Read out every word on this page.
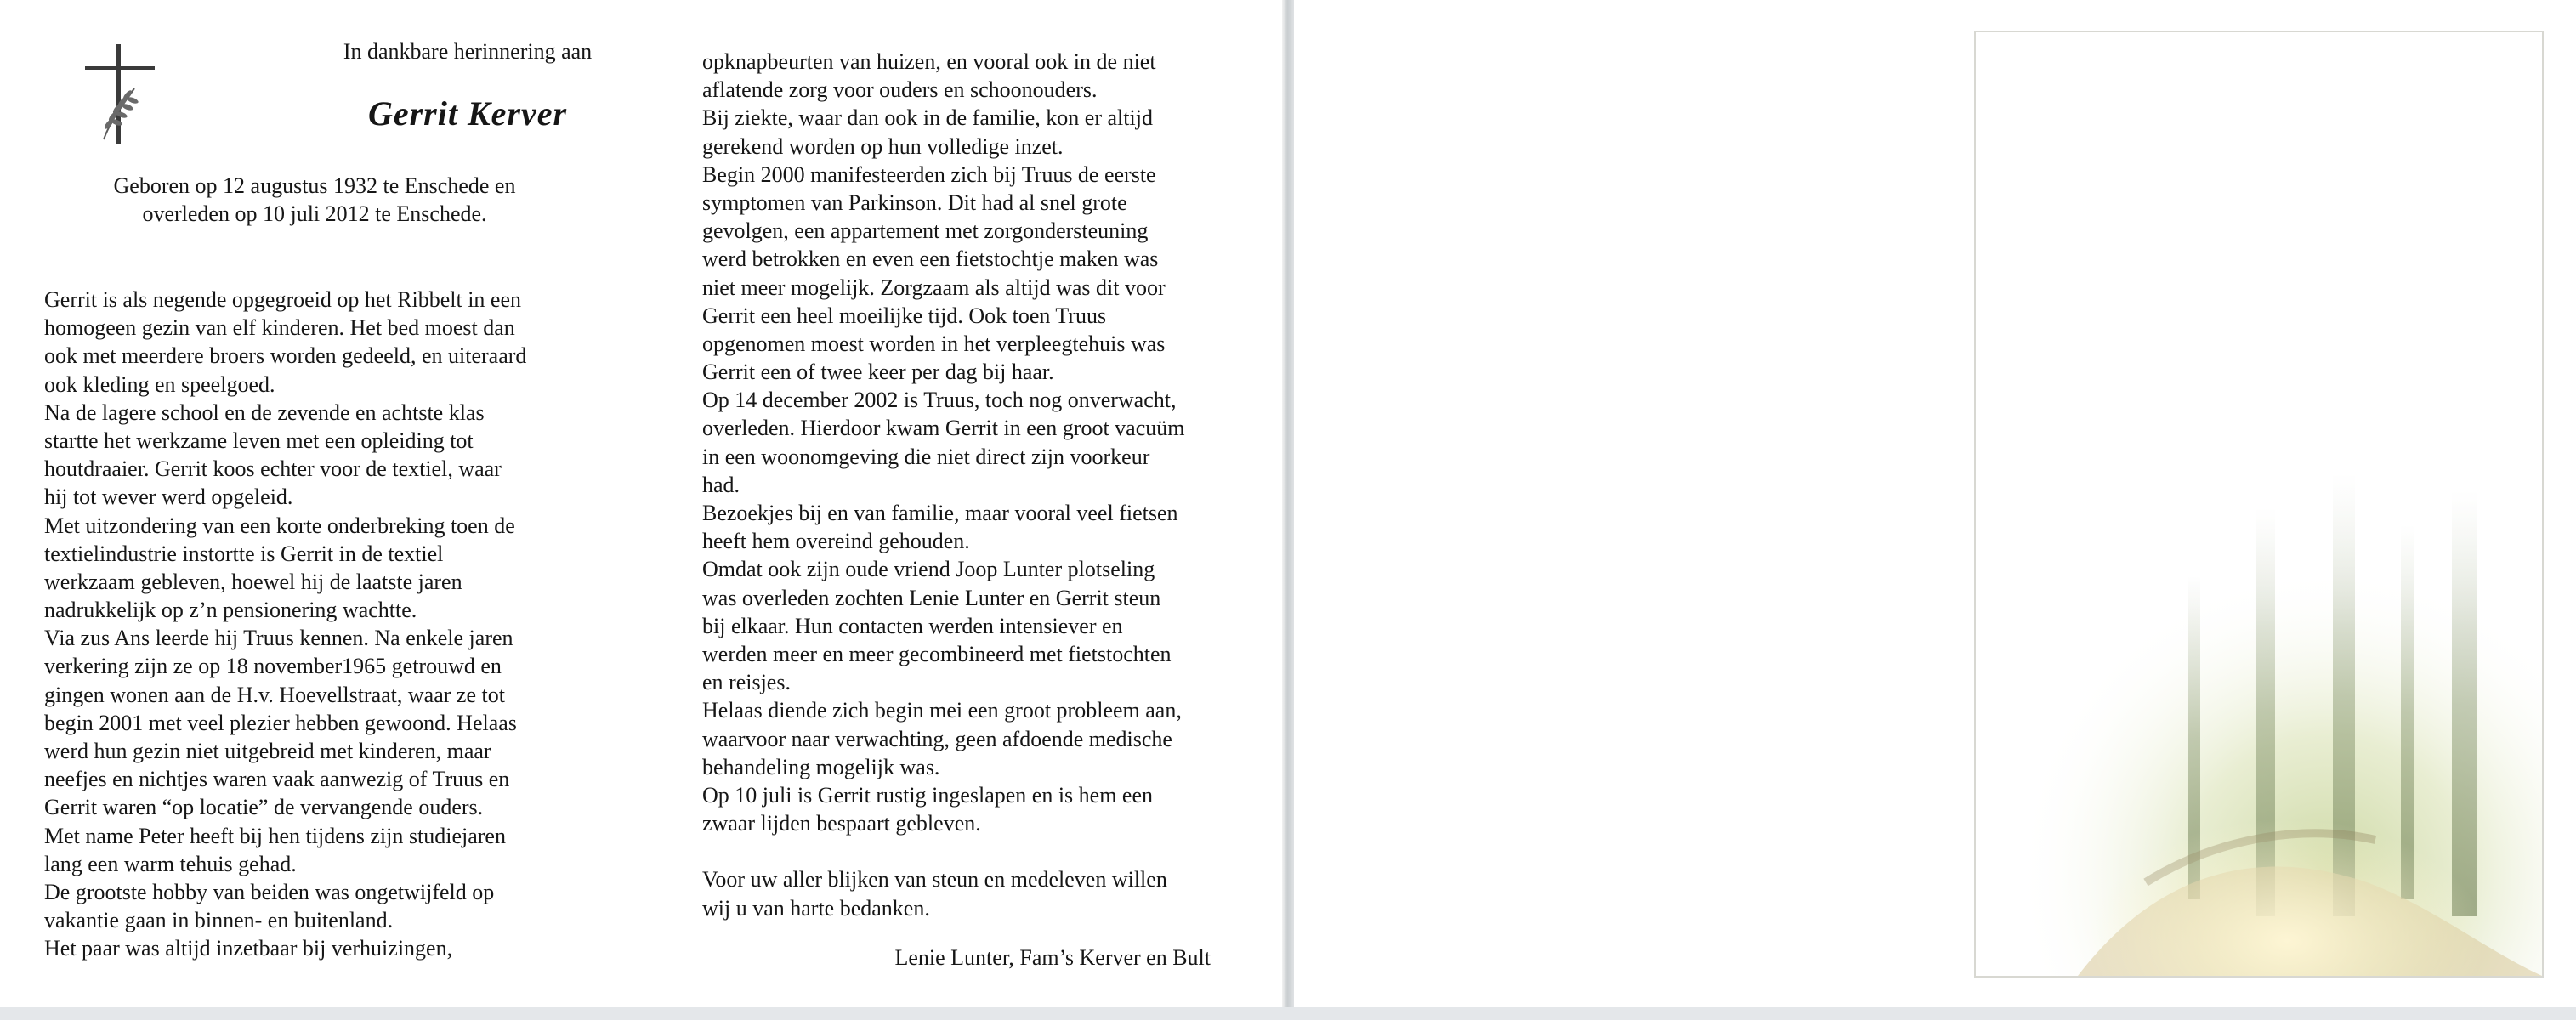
In dankbare herinnering aan
Gerrit Kerver
Geboren op 12 augustus 1932 te Enschede en
overleden op 10 juli 2012 te Enschede.
Gerrit is als negende opgegroeid op het Ribbelt in een
homogeen gezin van elf kinderen. Het bed moest dan
ook met meerdere broers worden gedeeld, en uiteraard
ook kleding en speelgoed.
Na de lagere school en de zevende en achtste klas
startte het werkzame leven met een opleiding tot
houtdraaier. Gerrit koos echter voor de textiel, waar
hij tot wever werd opgeleid.
Met uitzondering van een korte onderbreking toen de
textielindustrie instortte is Gerrit in de textiel
werkzaam gebleven, hoewel hij de laatste jaren
nadrukkelijk op z’n pensionering wachtte.
Via zus Ans leerde hij Truus kennen. Na enkele jaren
verkering zijn ze op 18 november1965 getrouwd en
gingen wonen aan de H.v. Hoevellstraat, waar ze tot
begin 2001 met veel plezier hebben gewoond. Helaas
werd hun gezin niet uitgebreid met kinderen, maar
neefjes en nichtjes waren vaak aanwezig of Truus en
Gerrit waren “op locatie” de vervangende ouders.
Met name Peter heeft bij hen tijdens zijn studiejaren
lang een warm tehuis gehad.
De grootste hobby van beiden was ongetwijfeld op
vakantie gaan in binnen- en buitenland.
Het paar was altijd inzetbaar bij verhuizingen,
opknapbeurten van huizen, en vooral ook in de niet
aflatende zorg voor ouders en schoonouders.
Bij ziekte, waar dan ook in de familie, kon er altijd
gerekend worden op hun volledige inzet.
Begin 2000 manifesteerden zich bij Truus de eerste
symptomen van Parkinson. Dit had al snel grote
gevolgen, een appartement met zorgondersteuning
werd betrokken en even een fietstochtje maken was
niet meer mogelijk. Zorgzaam als altijd was dit voor
Gerrit een heel moeilijke tijd. Ook toen Truus
opgenomen moest worden in het verpleegtehuis was
Gerrit een of twee keer per dag bij haar.
Op 14 december 2002 is Truus, toch nog onverwacht,
overleden. Hierdoor kwam Gerrit in een groot vacuüm
in een woonomgeving die niet direct zijn voorkeur
had.
Bezoekjes bij en van familie, maar vooral veel fietsen
heeft hem overeind gehouden.
Omdat ook zijn oude vriend Joop Lunter plotseling
was overleden zochten Lenie Lunter en Gerrit steun
bij elkaar. Hun contacten werden intensiever en
werden meer en meer gecombineerd met fietstochten
en reisjes.
Helaas diende zich begin mei een groot probleem aan,
waarvoor naar verwachting, geen afdoende medische
behandeling mogelijk was.
Op 10 juli is Gerrit rustig ingeslapen en is hem een
zwaar lijden bespaart gebleven.
Voor uw aller blijken van steun en medeleven willen
wij u van harte bedanken.
Lenie Lunter, Fam’s Kerver en Bult
